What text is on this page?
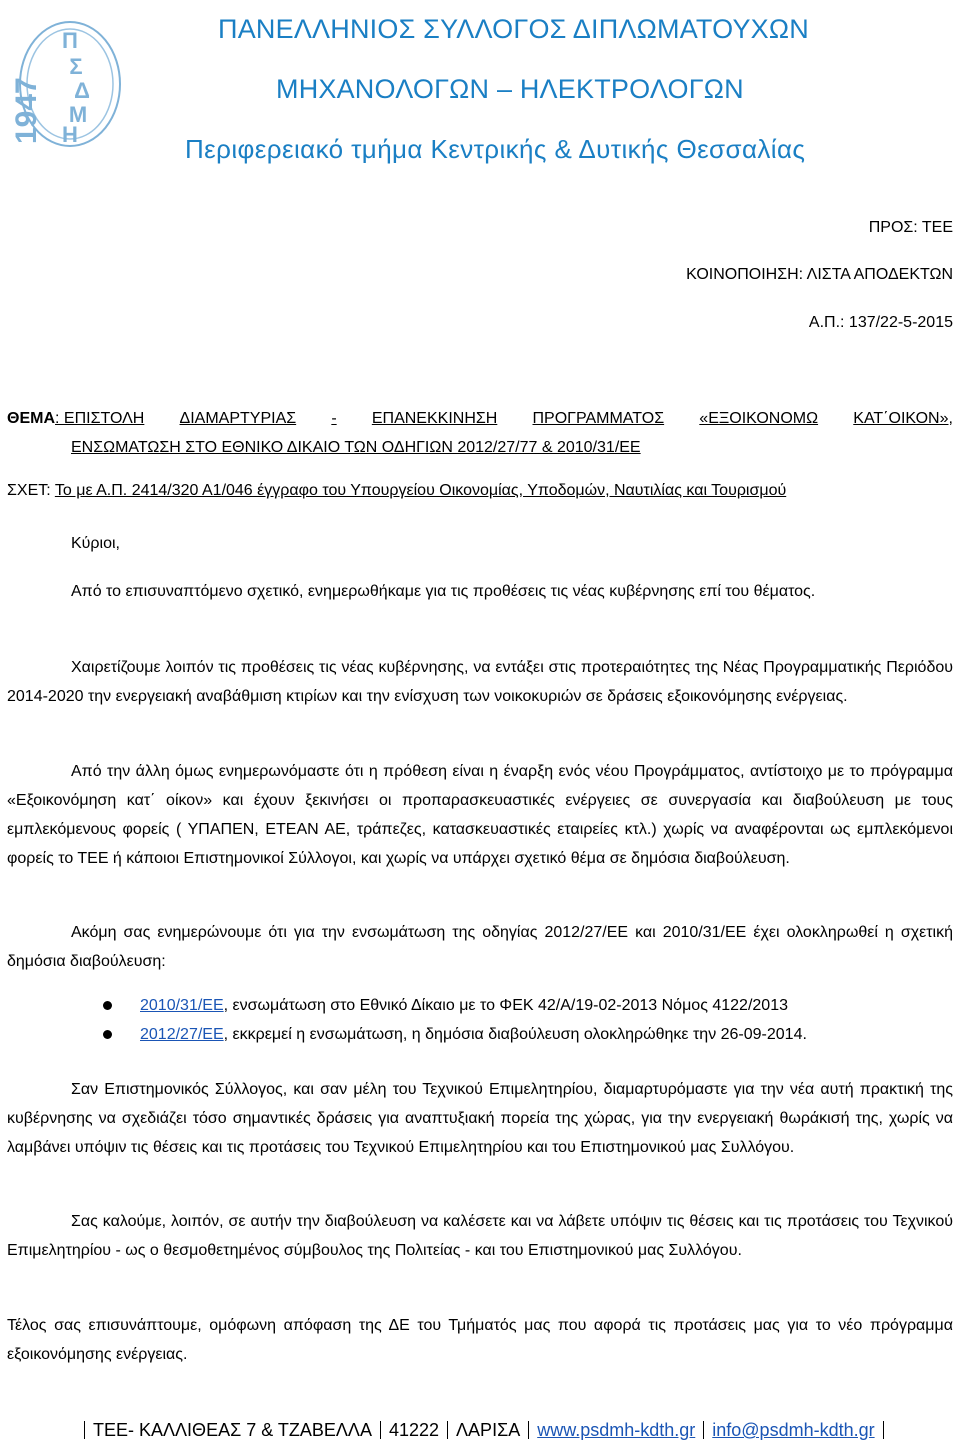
1947
Π
Σ
Δ
Μ
Η
ΠΑΝΕΛΛΗΝΙΟΣ ΣΥΛΛΟΓΟΣ ΔΙΠΛΩΜΑΤΟΥΧΩΝ
ΜΗΧΑΝΟΛΟΓΩΝ – ΗΛΕΚΤΡΟΛΟΓΩΝ
Περιφερειακό τμήμα Κεντρικής & Δυτικής Θεσσαλίας
ΠΡΟΣ: ΤΕΕ
ΚΟΙΝΟΠΟΙΗΣΗ: ΛΙΣΤΑ ΑΠΟΔΕΚΤΩΝ
Α.Π.: 137/22-5-2015
ΘΕΜΑ: ΕΠΙΣΤΟΛΗ ΔΙΑΜΑΡΤΥΡΙΑΣ - ΕΠΑΝΕΚΚΙΝΗΣΗ ΠΡΟΓΡΑΜΜΑΤΟΣ «ΕΞΟΙΚΟΝΟΜΩ ΚΑΤ΄ΟΙΚΟΝ»,
ΕΝΣΩΜΑΤΩΣΗ ΣΤΟ ΕΘΝΙΚΟ ΔΙΚΑΙΟ ΤΩΝ ΟΔΗΓΙΩΝ 2012/27/77 & 2010/31/ΕΕ
ΣΧΕΤ: Το με Α.Π. 2414/320 Α1/046 έγγραφο του Υπουργείου Οικονομίας, Υποδομών, Ναυτιλίας και Τουρισμού
Κύριοι,
Από το επισυναπτόμενο σχετικό, ενημερωθήκαμε για τις προθέσεις τις νέας κυβέρνησης επί του θέματος.
Χαιρετίζουμε λοιπόν τις προθέσεις τις νέας κυβέρνησης, να εντάξει στις προτεραιότητες της Νέας Προγραμματικής Περιόδου 2014-2020 την ενεργειακή αναβάθμιση κτιρίων και την ενίσχυση των νοικοκυριών σε δράσεις εξοικονόμησης ενέργειας.
Από την άλλη όμως ενημερωνόμαστε ότι η πρόθεση είναι η έναρξη ενός νέου Προγράμματος, αντίστοιχο με το πρόγραμμα «Εξοικονόμηση κατ΄ οίκον» και έχουν ξεκινήσει οι προπαρασκευαστικές ενέργειες σε συνεργασία και διαβούλευση με τους εμπλεκόμενους φορείς ( ΥΠΑΠΕΝ, ΕΤΕΑΝ ΑΕ, τράπεζες, κατασκευαστικές εταιρείες κτλ.) χωρίς να αναφέρονται ως εμπλεκόμενοι φορείς το ΤΕΕ ή κάποιοι Επιστημονικοί Σύλλογοι, και χωρίς να υπάρχει σχετικό θέμα σε δημόσια διαβούλευση.
Ακόμη σας ενημερώνουμε ότι για την ενσωμάτωση της οδηγίας 2012/27/ΕΕ και 2010/31/ΕΕ έχει ολοκληρωθεί η σχετική δημόσια διαβούλευση:
2010/31/ΕΕ, ενσωμάτωση στο Εθνικό Δίκαιο με το ΦΕΚ 42/Α/19-02-2013 Νόμος 4122/2013
2012/27/ΕΕ, εκκρεμεί η ενσωμάτωση, η δημόσια διαβούλευση ολοκληρώθηκε την 26-09-2014.
Σαν Επιστημονικός Σύλλογος, και σαν μέλη του Τεχνικού Επιμελητηρίου, διαμαρτυρόμαστε για την νέα αυτή πρακτική της κυβέρνησης να σχεδιάζει τόσο σημαντικές δράσεις για αναπτυξιακή πορεία της χώρας, για την ενεργειακή θωράκισή της, χωρίς να λαμβάνει υπόψιν τις θέσεις και τις προτάσεις του Τεχνικού Επιμελητηρίου και του Επιστημονικού μας Συλλόγου.
Σας καλούμε, λοιπόν, σε αυτήν την διαβούλευση να καλέσετε και να λάβετε υπόψιν τις θέσεις και τις προτάσεις του Τεχνικού Επιμελητηρίου - ως ο θεσμοθετημένος σύμβουλος της Πολιτείας - και του Επιστημονικού μας Συλλόγου.
Τέλος σας επισυνάπτουμε, ομόφωνη απόφαση της ΔΕ του Τμήματός μας που αφορά τις προτάσεις μας για το νέο πρόγραμμα εξοικονόμησης ενέργειας.
ΤΕΕ- ΚΑΛΛΙΘΕΑΣ 7 & ΤΖΑΒΕΛΛΑ 41222 ΛΑΡΙΣΑ www.psdmh-kdth.gr info@psdmh-kdth.gr
